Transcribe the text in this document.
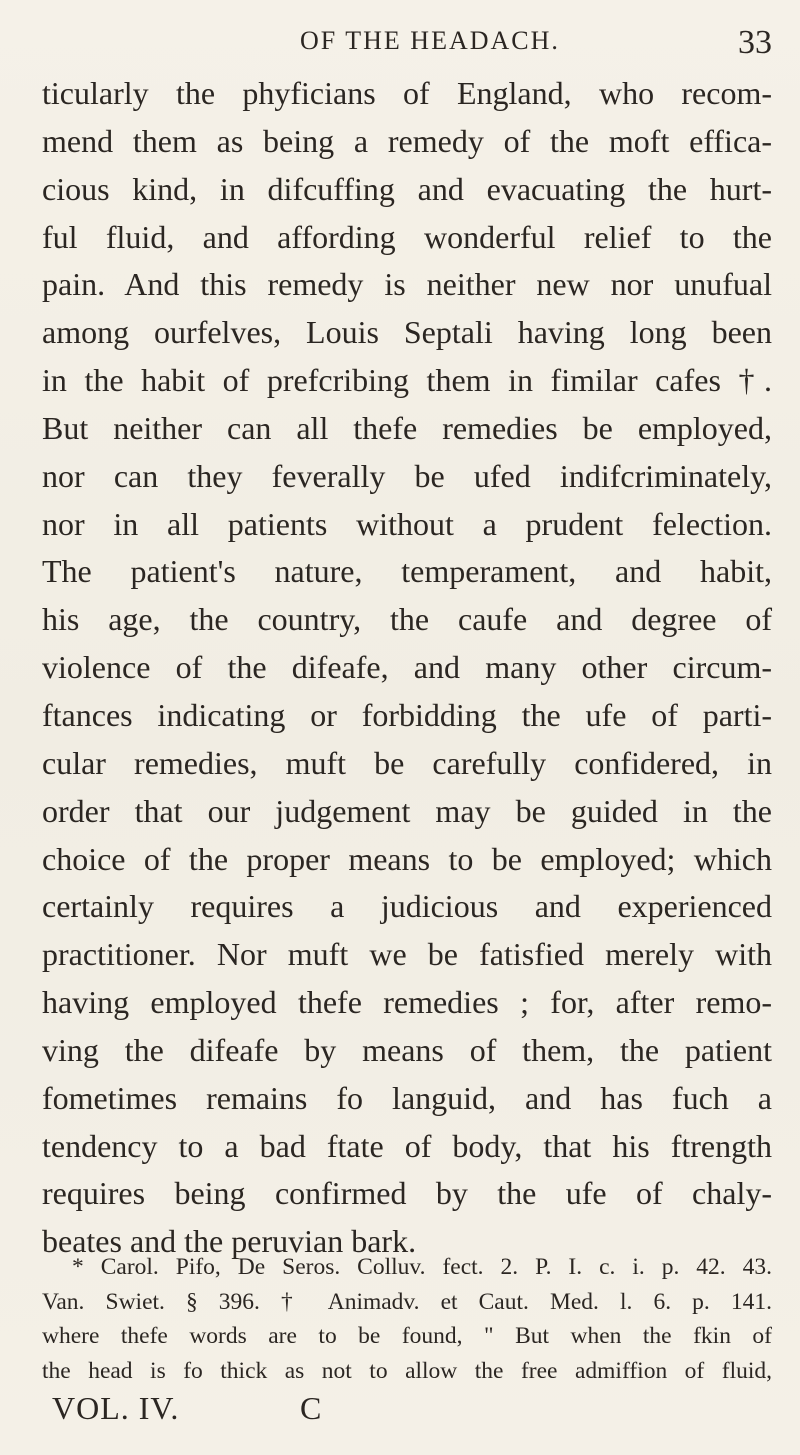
OF THE HEADACH.	33
ticularly the phyficians of England, who recom-
mend them as being a remedy of the moft effica-
cious kind, in difcuffing and evacuating the hurt-
ful fluid, and affording wonderful relief to the
pain. And this remedy is neither new nor unufual
among ourfelves, Louis Septali having long been
in the habit of prefcribing them in fimilar cafes †.
But neither can all thefe remedies be employed,
nor can they feverally be ufed indifcriminately,
nor in all patients without a prudent felection.
The patient's nature, temperament, and habit,
his age, the country, the caufe and degree of
violence of the difeafe, and many other circum-
ftances indicating or forbidding the ufe of parti-
cular remedies, muft be carefully confidered, in
order that our judgement may be guided in the
choice of the proper means to be employed; which
certainly requires a judicious and experienced
practitioner. Nor muft we be fatisfied merely with
having employed thefe remedies ; for, after remo-
ving the difeafe by means of them, the patient
fometimes remains fo languid, and has fuch a
tendency to a bad ftate of body, that his ftrength
requires being confirmed by the ufe of chaly-
beates and the peruvian bark.
* Carol. Pifo, De Seros. Colluv. fect. 2. P. I. c. i. p. 42. 43.
Van. Swiet. § 396. † Animadv. et Caut. Med. l. 6. p. 141.
where thefe words are to be found, " But when the fkin of
the head is fo thick as not to allow the free admiffion of fluid,
VOL. IV.	C
